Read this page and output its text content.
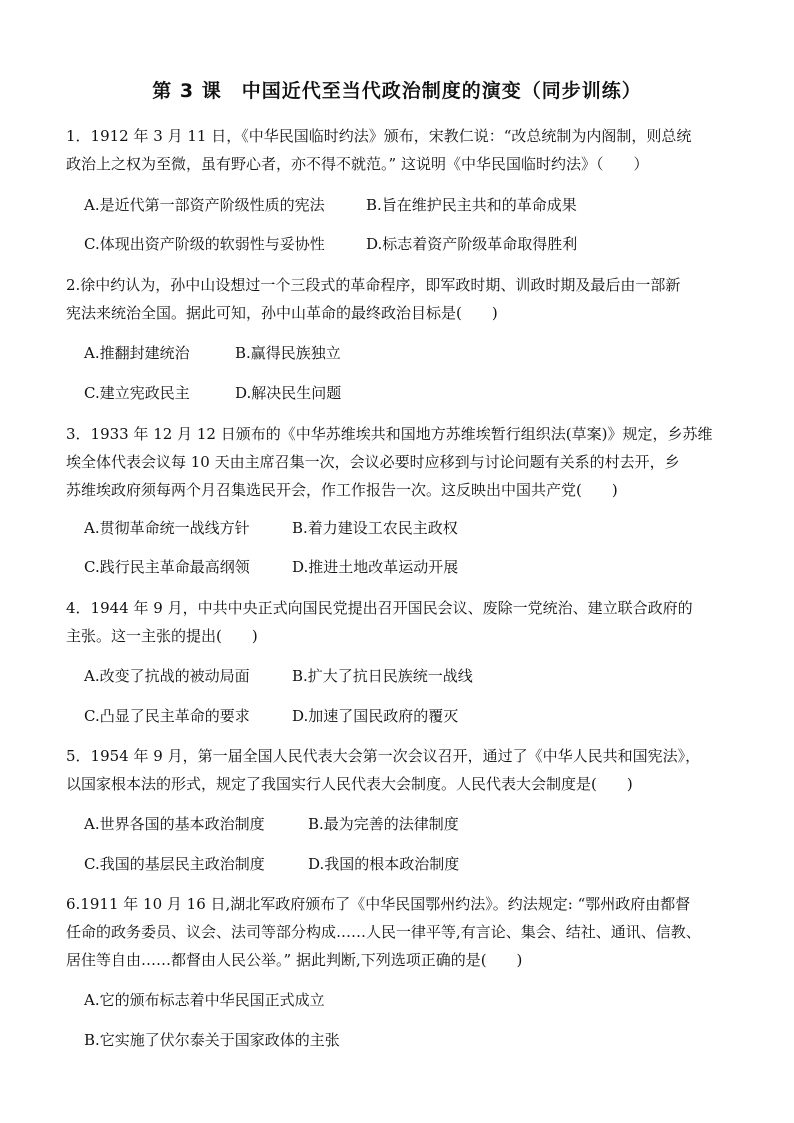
第 3 课　中国近代至当代政治制度的演变（同步训练）
1．1912 年 3 月 11 日，《中华民国临时约法》颁布，宋教仁说：“改总统制为内阁制，则总统
政治上之权为至微，虽有野心者，亦不得不就范。” 这说明《中华民国临时约法》（　　）
A.是近代第一部资产阶级性质的宪法	B.旨在维护民主共和的革命成果
C.体现出资产阶级的软弱性与妥协性	D.标志着资产阶级革命取得胜利
2.徐中约认为，孙中山设想过一个三段式的革命程序，即军政时期、训政时期及最后由一部新
宪法来统治全国。据此可知，孙中山革命的最终政治目标是(　　)
A.推翻封建统治	B.赢得民族独立
C.建立宪政民主	D.解决民生问题
3．1933 年 12 月 12 日颁布的《中华苏维埃共和国地方苏维埃暂行组织法(草案)》规定，乡苏维
埃全体代表会议每 10 天由主席召集一次，会议必要时应移到与讨论问题有关系的村去开，乡
苏维埃政府须每两个月召集选民开会，作工作报告一次。这反映出中国共产党(　　)
A.贯彻革命统一战线方针	B.着力建设工农民主政权
C.践行民主革命最高纲领	D.推进土地改革运动开展
4．1944 年 9 月，中共中央正式向国民党提出召开国民会议、废除一党统治、建立联合政府的
主张。这一主张的提出(　　)
A.改变了抗战的被动局面	B.扩大了抗日民族统一战线
C.凸显了民主革命的要求	D.加速了国民政府的覆灭
5．1954 年 9 月，第一届全国人民代表大会第一次会议召开，通过了《中华人民共和国宪法》，
以国家根本法的形式，规定了我国实行人民代表大会制度。人民代表大会制度是(　　)
A.世界各国的基本政治制度	B.最为完善的法律制度
C.我国的基层民主政治制度	D.我国的根本政治制度
6.1911 年 10 月 16 日,湖北军政府颁布了《中华民国鄂州约法》。约法规定: “鄂州政府由都督
任命的政务委员、议会、法司等部分构成……人民一律平等,有言论、集会、结社、通讯、信教、
居住等自由……都督由人民公举。” 据此判断,下列选项正确的是(　　)
A.它的颁布标志着中华民国正式成立
B.它实施了伏尔泰关于国家政体的主张
